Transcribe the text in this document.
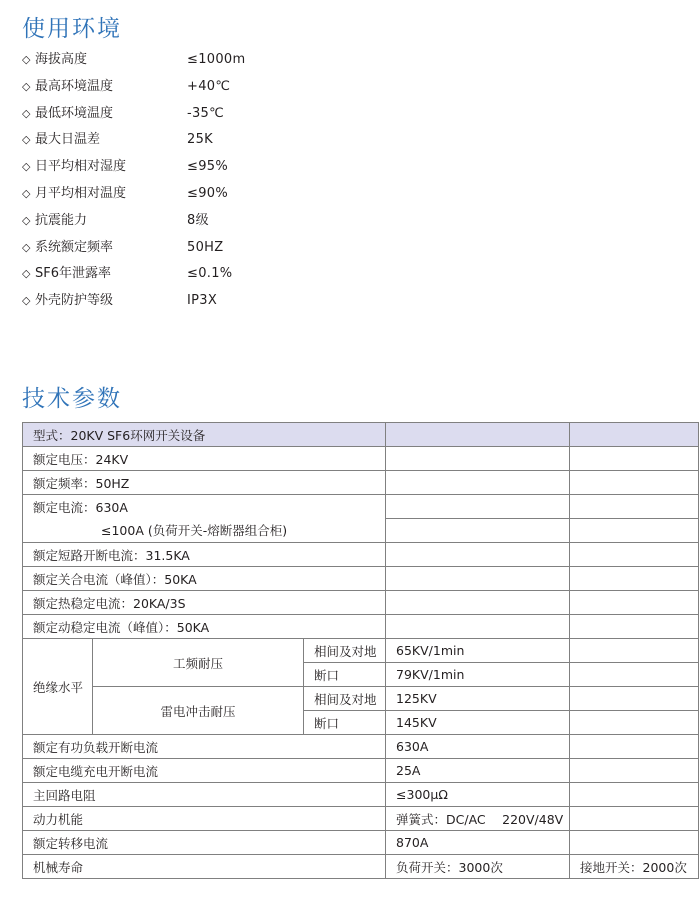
使用环境
◇ 海拔高度	≤1000m
◇ 最高环境温度	+40℃
◇ 最低环境温度	-35℃
◇ 最大日温差	25K
◇ 日平均相对湿度	≤95%
◇ 月平均相对温度	≤90%
◇ 抗震能力	8级
◇ 系统额定频率	50HZ
◇ SF6年泄露率	≤0.1%
◇ 外壳防护等级	IP3X
技术参数
型式：20KV SF6环网开关设备				
额定电压：24KV				
额定频率：50HZ				
额定电流：630A				
≤100A (负荷开关-熔断器组合柜)				
额定短路开断电流：31.5KA				
额定关合电流（峰值）：50KA				
额定热稳定电流：20KA/3S				
额定动稳定电流（峰值）：50KA				
绝缘水平	工频耐压	相间及对地	65KV/1min	
		断口	79KV/1min	
	雷电冲击耐压	相间及对地	125KV	
		断口	145KV	
额定有功负载开断电流			630A	
额定电缆充电开断电流			25A	
主回路电阻			≤300μΩ	
动力机能			弹簧式：DC/AC　 220V/48V	
额定转移电流			870A	
机械寿命			负荷开关：3000次	接地开关：2000次
